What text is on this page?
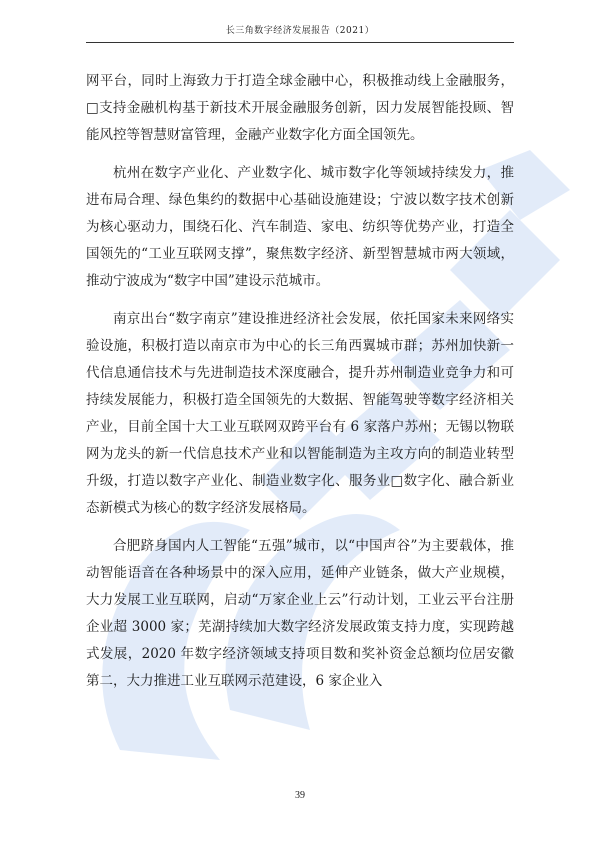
长三角数字经济发展报告（2021）

网平台，同时上海致力于打造全球金融中心，积极推动线上金融服务，□支持金融机构基于新技术开展金融服务创新，因力发展智能投顾、智能风控等智慧财富管理，金融产业数字化方面全国领先。

杭州在数字产业化、产业数字化、城市数字化等领域持续发力，推进布局合理、绿色集约的数据中心基础设施建设；宁波以数字技术创新为核心驱动力，围绕石化、汽车制造、家电、纺织等优势产业，打造全国领先的“工业互联网支撑”，聚焦数字经济、新型智慧城市两大领域，推动宁波成为“数字中国”建设示范城市。

南京出台“数字南京”建设推进经济社会发展，依托国家未来网络实验设施，积极打造以南京市为中心的长三角西翼城市群；苏州加快新一代信息通信技术与先进制造技术深度融合，提升苏州制造业竞争力和可持续发展能力，积极打造全国领先的大数据、智能驾驶等数字经济相关产业，目前全国十大工业互联网双跨平台有 6 家落户苏州；无锡以物联网为龙头的新一代信息技术产业和以智能制造为主攻方向的制造业转型升级，打造以数字产业化、制造业数字化、服务业□数字化、融合新业态新模式为核心的数字经济发展格局。

合肥跻身国内人工智能“五强”城市，以“中国声谷”为主要载体，推动智能语音在各种场景中的深入应用，延伸产业链条，做大产业规模，大力发展工业互联网，启动“万家企业上云”行动计划，工业云平台注册企业超 3000 家；芜湖持续加大数字经济发展政策支持力度，实现跨越式发展，2020 年数字经济领域支持项目数和奖补资金总额均位居安徽第二，大力推进工业互联网示范建设，6 家企业入

39
